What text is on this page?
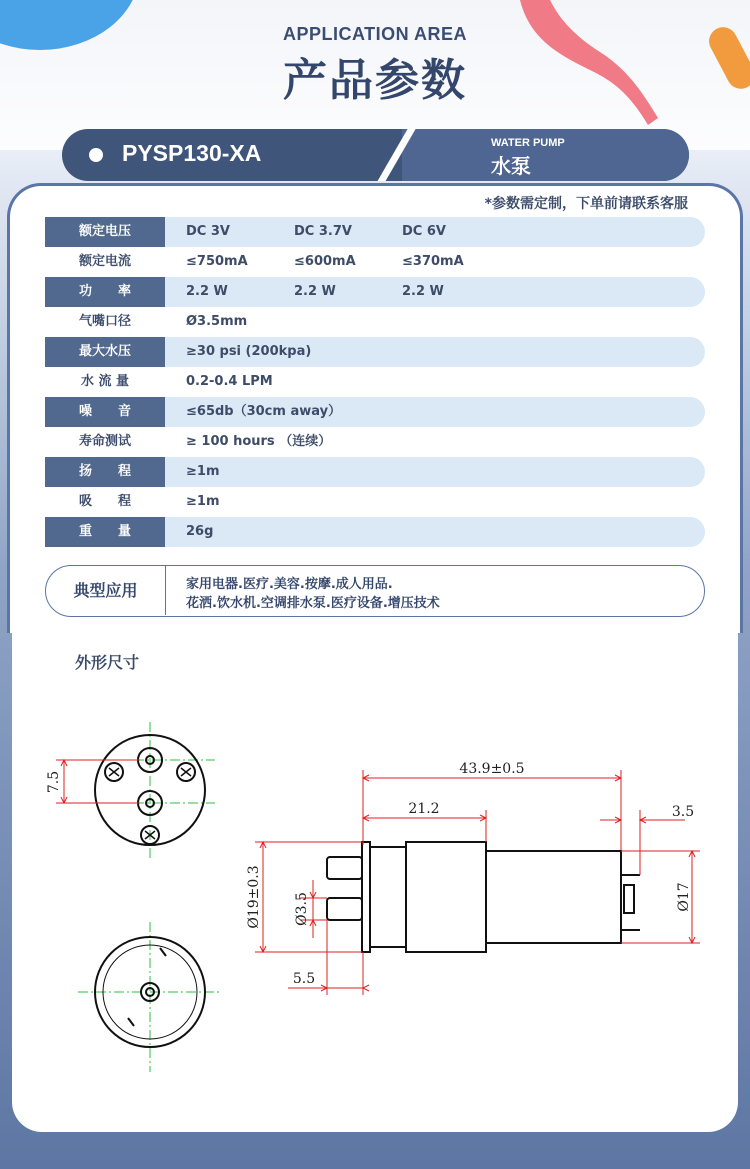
APPLICATION AREA
产品参数
PYSP130-XA	WATER PUMP
水泵
*参数需定制，下单前请联系客服
额定电压	DC 3V	DC 3.7V	DC 6V
额定电流	≤750mA	≤600mA	≤370mA
功　　率	2.2 W	2.2 W	2.2 W
气嘴口径	Ø3.5mm
最大水压	≥30 psi (200kpa)
水 流 量	0.2-0.4 LPM
噪　　音	≤65db（30cm away）
寿命测试	≥ 100 hours （连续）
扬　　程	≥1m
吸　　程	≥1m
重　　量	26g
典型应用	家用电器.医疗.美容.按摩.成人用品.
花洒.饮水机.空调排水泵.医疗设备.增压技术
外形尺寸
7.5
43.9±0.5
21.2	3.5
Ø19±0.3 Ø3.5	Ø17
5.5
